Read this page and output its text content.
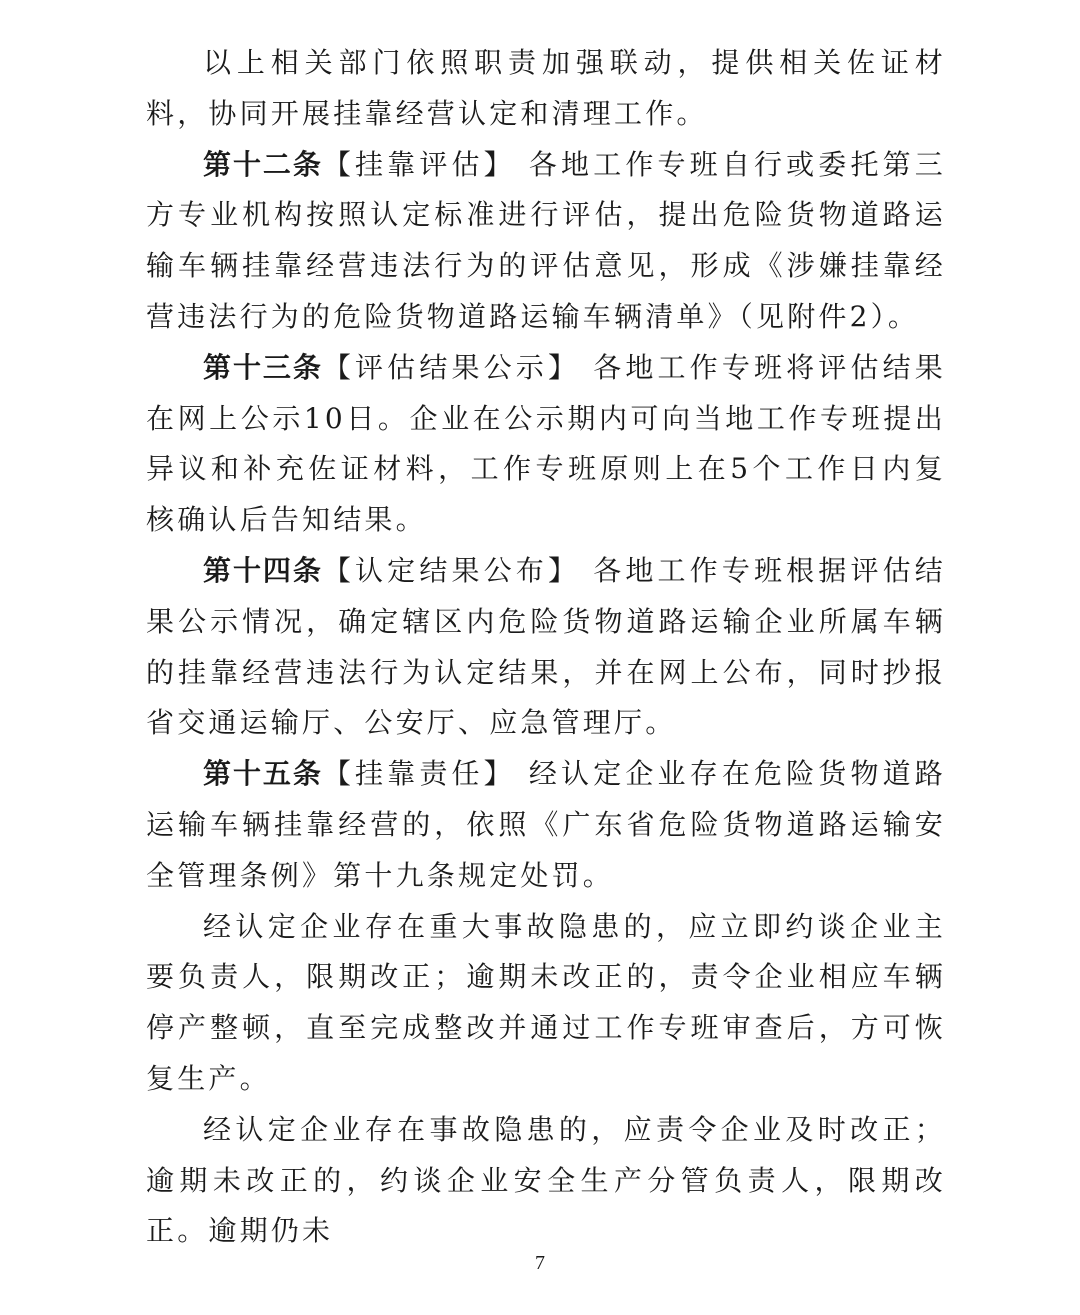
以上相关部门依照职责加强联动，提供相关佐证材料，协同开展挂靠经营认定和清理工作。

第十二条【挂靠评估】 各地工作专班自行或委托第三方专业机构按照认定标准进行评估，提出危险货物道路运输车辆挂靠经营违法行为的评估意见，形成《涉嫌挂靠经营违法行为的危险货物道路运输车辆清单》（见附件2）。

第十三条【评估结果公示】 各地工作专班将评估结果在网上公示10日。企业在公示期内可向当地工作专班提出异议和补充佐证材料，工作专班原则上在5个工作日内复核确认后告知结果。

第十四条【认定结果公布】 各地工作专班根据评估结果公示情况，确定辖区内危险货物道路运输企业所属车辆的挂靠经营违法行为认定结果，并在网上公布，同时抄报省交通运输厅、公安厅、应急管理厅。

第十五条【挂靠责任】 经认定企业存在危险货物道路运输车辆挂靠经营的，依照《广东省危险货物道路运输安全管理条例》第十九条规定处罚。

经认定企业存在重大事故隐患的，应立即约谈企业主要负责人，限期改正；逾期未改正的，责令企业相应车辆停产整顿，直至完成整改并通过工作专班审查后，方可恢复生产。

经认定企业存在事故隐患的，应责令企业及时改正；逾期未改正的，约谈企业安全生产分管负责人，限期改正。逾期仍未

7
